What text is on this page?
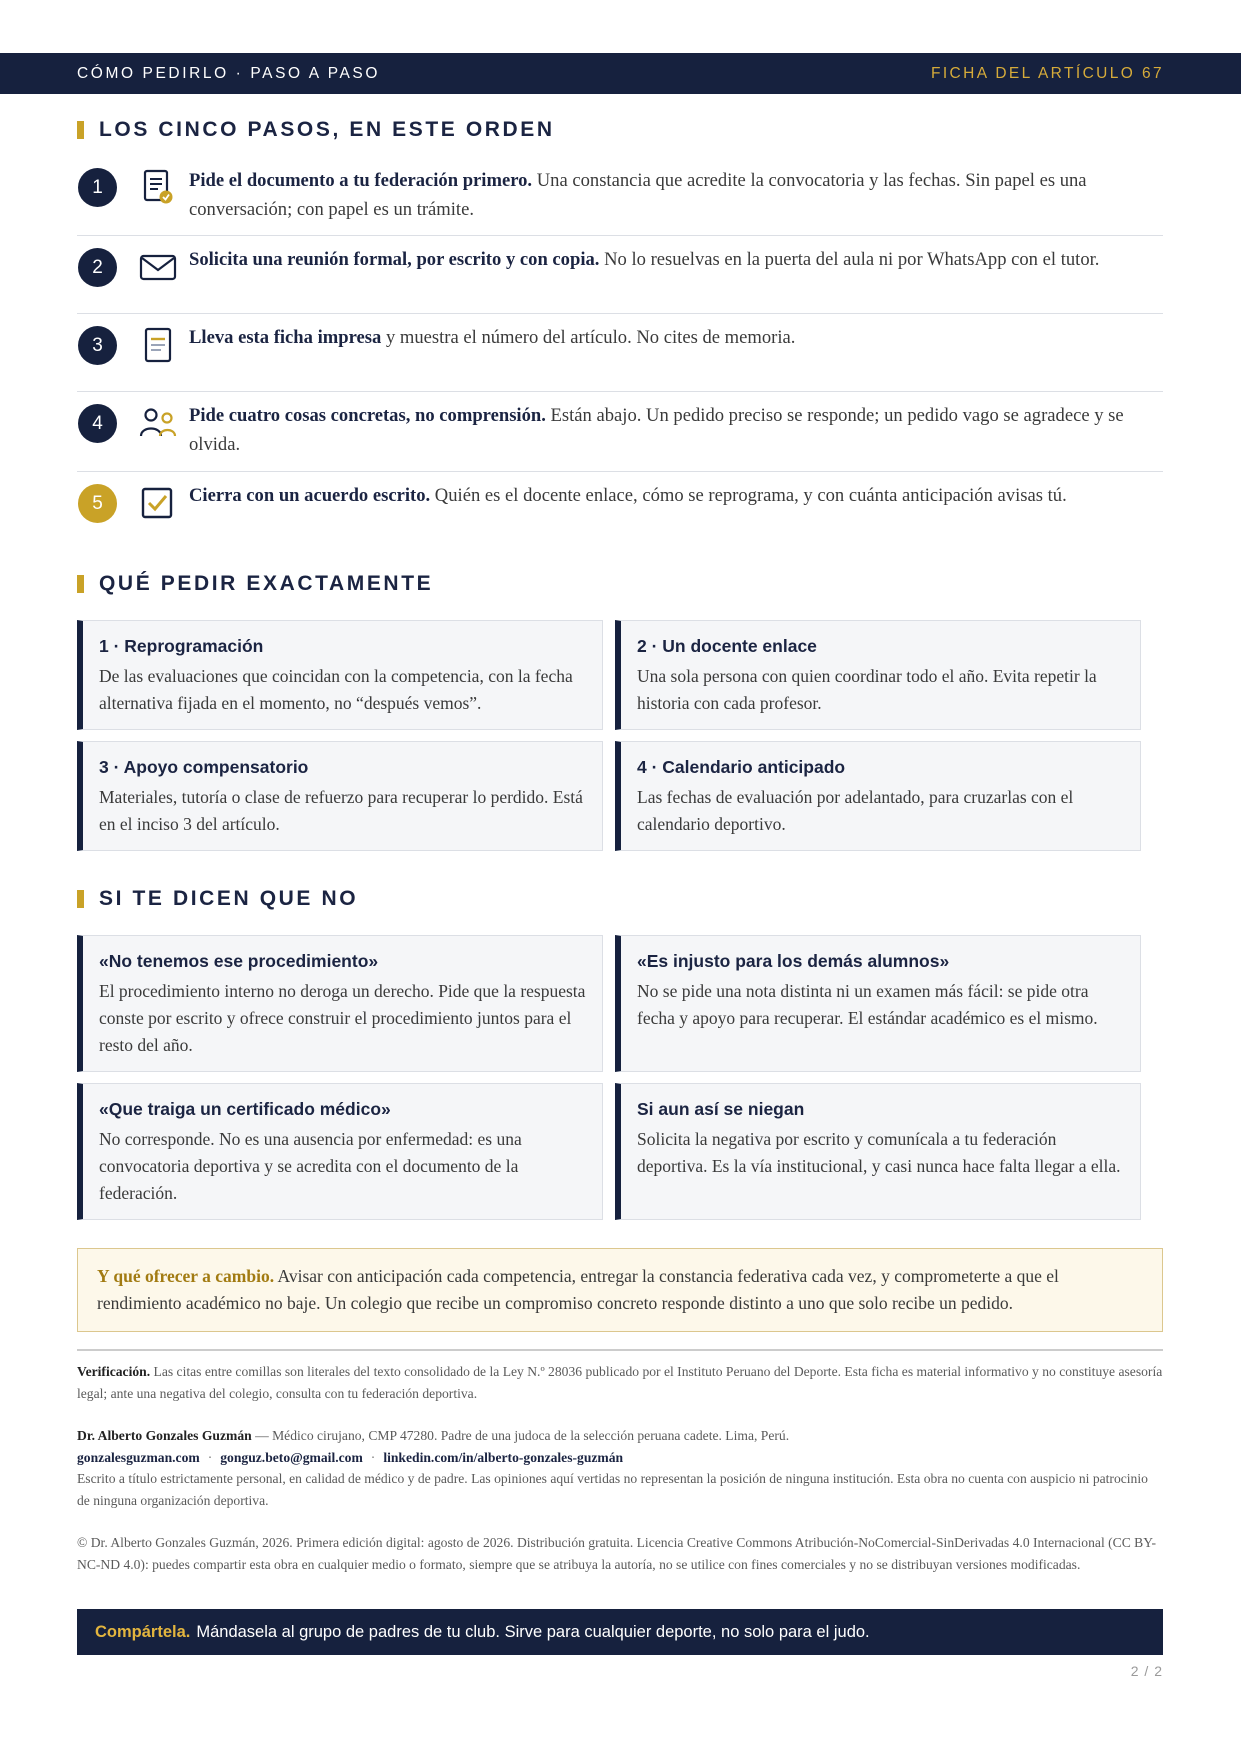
CÓMO PEDIRLO · PASO A PASO	FICHA DEL ARTÍCULO 67
LOS CINCO PASOS, EN ESTE ORDEN
1	Pide el documento a tu federación primero. Una constancia que acredite la convocatoria y las fechas. Sin papel es una conversación; con papel es un trámite.
2	Solicita una reunión formal, por escrito y con copia. No lo resuelvas en la puerta del aula ni por WhatsApp con el tutor.
3	Lleva esta ficha impresa y muestra el número del artículo. No cites de memoria.
4	Pide cuatro cosas concretas, no comprensión. Están abajo. Un pedido preciso se responde; un pedido vago se agradece y se olvida.
5	Cierra con un acuerdo escrito. Quién es el docente enlace, cómo se reprograma, y con cuánta anticipación avisas tú.
QUÉ PEDIR EXACTAMENTE
1 · Reprogramación
De las evaluaciones que coincidan con la competencia, con la fecha alternativa fijada en el momento, no “después vemos”.
2 · Un docente enlace
Una sola persona con quien coordinar todo el año. Evita repetir la historia con cada profesor.
3 · Apoyo compensatorio
Materiales, tutoría o clase de refuerzo para recuperar lo perdido. Está en el inciso 3 del artículo.
4 · Calendario anticipado
Las fechas de evaluación por adelantado, para cruzarlas con el calendario deportivo.
SI TE DICEN QUE NO
«No tenemos ese procedimiento»
El procedimiento interno no deroga un derecho. Pide que la respuesta conste por escrito y ofrece construir el procedimiento juntos para el resto del año.
«Es injusto para los demás alumnos»
No se pide una nota distinta ni un examen más fácil: se pide otra fecha y apoyo para recuperar. El estándar académico es el mismo.
«Que traiga un certificado médico»
No corresponde. No es una ausencia por enfermedad: es una convocatoria deportiva y se acredita con el documento de la federación.
Si aun así se niegan
Solicita la negativa por escrito y comunícala a tu federación deportiva. Es la vía institucional, y casi nunca hace falta llegar a ella.
Y qué ofrecer a cambio. Avisar con anticipación cada competencia, entregar la constancia federativa cada vez, y comprometerte a que el rendimiento académico no baje. Un colegio que recibe un compromiso concreto responde distinto a uno que solo recibe un pedido.
Verificación. Las citas entre comillas son literales del texto consolidado de la Ley N.º 28036 publicado por el Instituto Peruano del Deporte. Esta ficha es material informativo y no constituye asesoría legal; ante una negativa del colegio, consulta con tu federación deportiva.
Dr. Alberto Gonzales Guzmán — Médico cirujano, CMP 47280. Padre de una judoca de la selección peruana cadete. Lima, Perú.
gonzalesguzman.com · gonguz.beto@gmail.com · linkedin.com/in/alberto-gonzales-guzmán
Escrito a título estrictamente personal, en calidad de médico y de padre. Las opiniones aquí vertidas no representan la posición de ninguna institución. Esta obra no cuenta con auspicio ni patrocinio de ninguna organización deportiva.
© Dr. Alberto Gonzales Guzmán, 2026. Primera edición digital: agosto de 2026. Distribución gratuita. Licencia Creative Commons Atribución-NoComercial-SinDerivadas 4.0 Internacional (CC BY-NC-ND 4.0): puedes compartir esta obra en cualquier medio o formato, siempre que se atribuya la autoría, no se utilice con fines comerciales y no se distribuyan versiones modificadas.
Compártela. Mándasela al grupo de padres de tu club. Sirve para cualquier deporte, no solo para el judo.
2 / 2
